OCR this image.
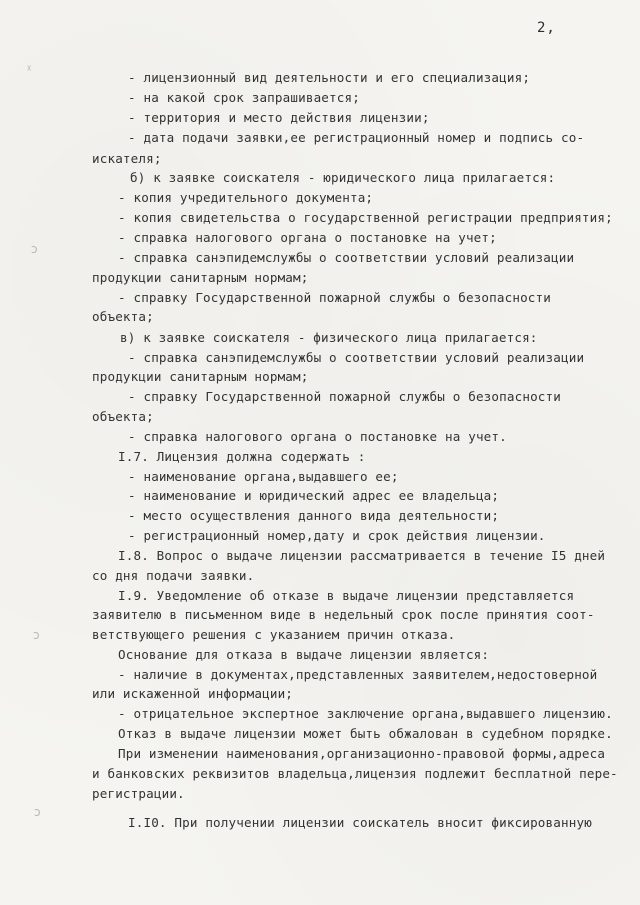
2,
ᵡ
ↄ
ↄ
ↄ
- лицензионный вид деятельности и его специализация;
- на какой срок запрашивается;
- территория и место действия лицензии;
- дата подачи заявки,ее регистрационный номер и подпись со-
искателя;
б) к заявке соискателя - юридического лица прилагается:
- копия учредительного документа;
- копия свидетельства о государственной регистрации предприятия;
- справка налогового органа о постановке на учет;
- справка санэпидемслужбы о соответствии условий реализации
продукции санитарным нормам;
- справку Государственной пожарной службы о безопасности
объекта;
в) к заявке соискателя - физического лица прилагается:
- справка санэпидемслужбы о соответствии условий реализации
продукции санитарным нормам;
- справку Государственной пожарной службы о безопасности
объекта;
- справка налогового органа о постановке на учет.
I.7. Лицензия должна содержать :
- наименование органа,выдавшего ее;
- наименование и юридический адрес ее владельца;
- место осуществления данного вида деятельности;
- регистрационный номер,дату и срок действия лицензии.
I.8. Вопрос о выдаче лицензии рассматривается в течение I5 дней
со дня подачи заявки.
I.9. Уведомление об отказе в выдаче лицензии представляется
заявителю в письменном виде в недельный срок после принятия соот-
ветствующего решения с указанием причин отказа.
Основание для отказа в выдаче лицензии является:
- наличие в документах,представленных заявителем,недостоверной
или искаженной информации;
- отрицательное экспертное заключение органа,выдавшего лицензию.
Отказ в выдаче лицензии может быть обжалован в судебном порядке.
При изменении наименования,организационно-правовой формы,адреса
и банковских реквизитов владельца,лицензия подлежит бесплатной пере-
регистрации.
I.I0. При получении лицензии соискатель вносит фиксированную
